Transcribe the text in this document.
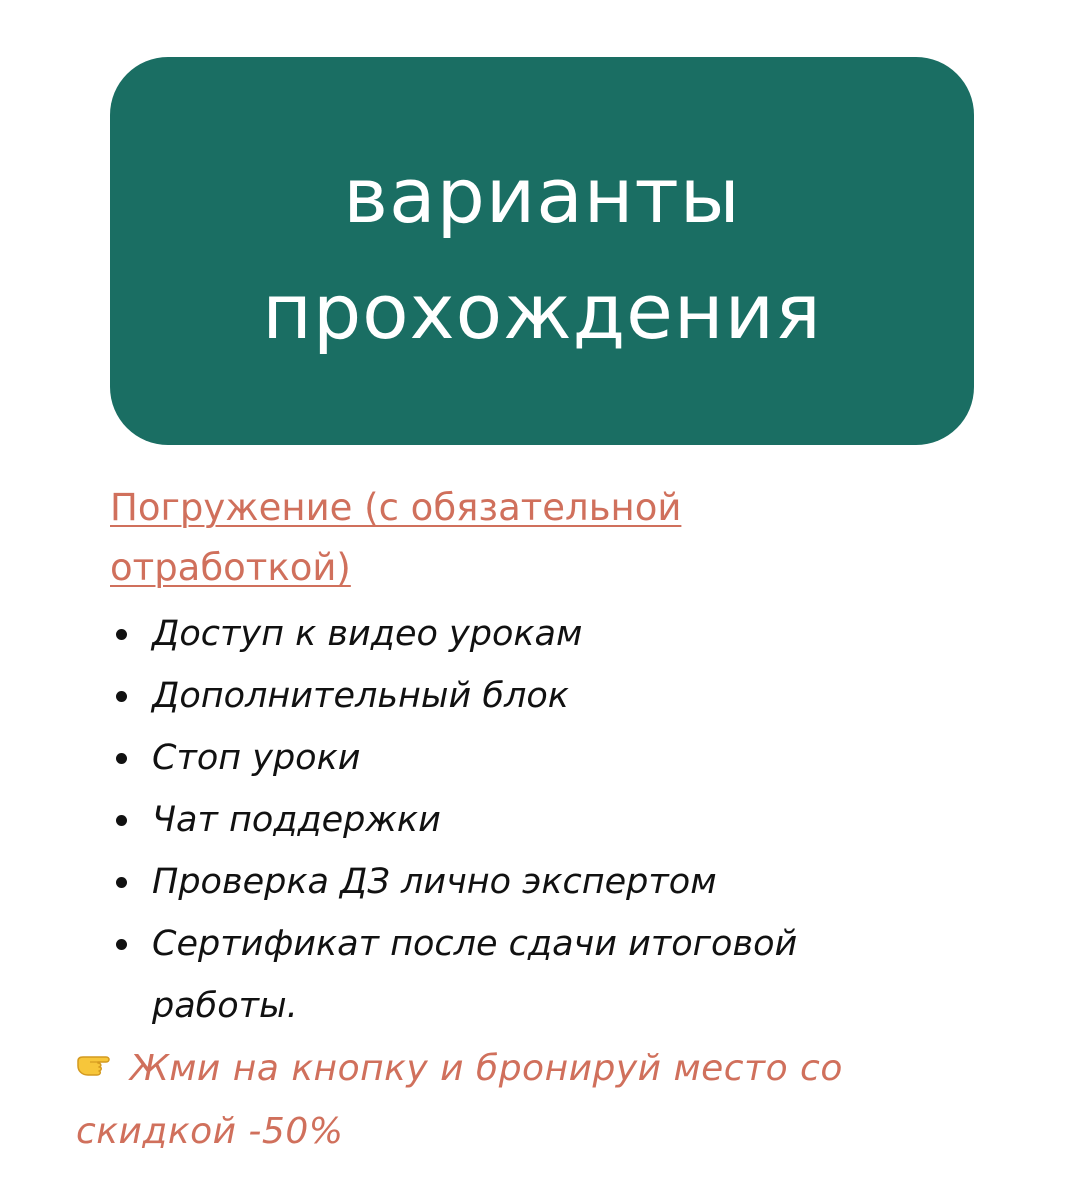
варианты
прохождения
Погружение (с обязательной отработкой)
Доступ к видео урокам
Дополнительный блок
Стоп уроки
Чат поддержки
Проверка ДЗ лично экспертом
Сертификат после сдачи итоговой работы.
Жми на кнопку и бронируй место со скидкой -50%
